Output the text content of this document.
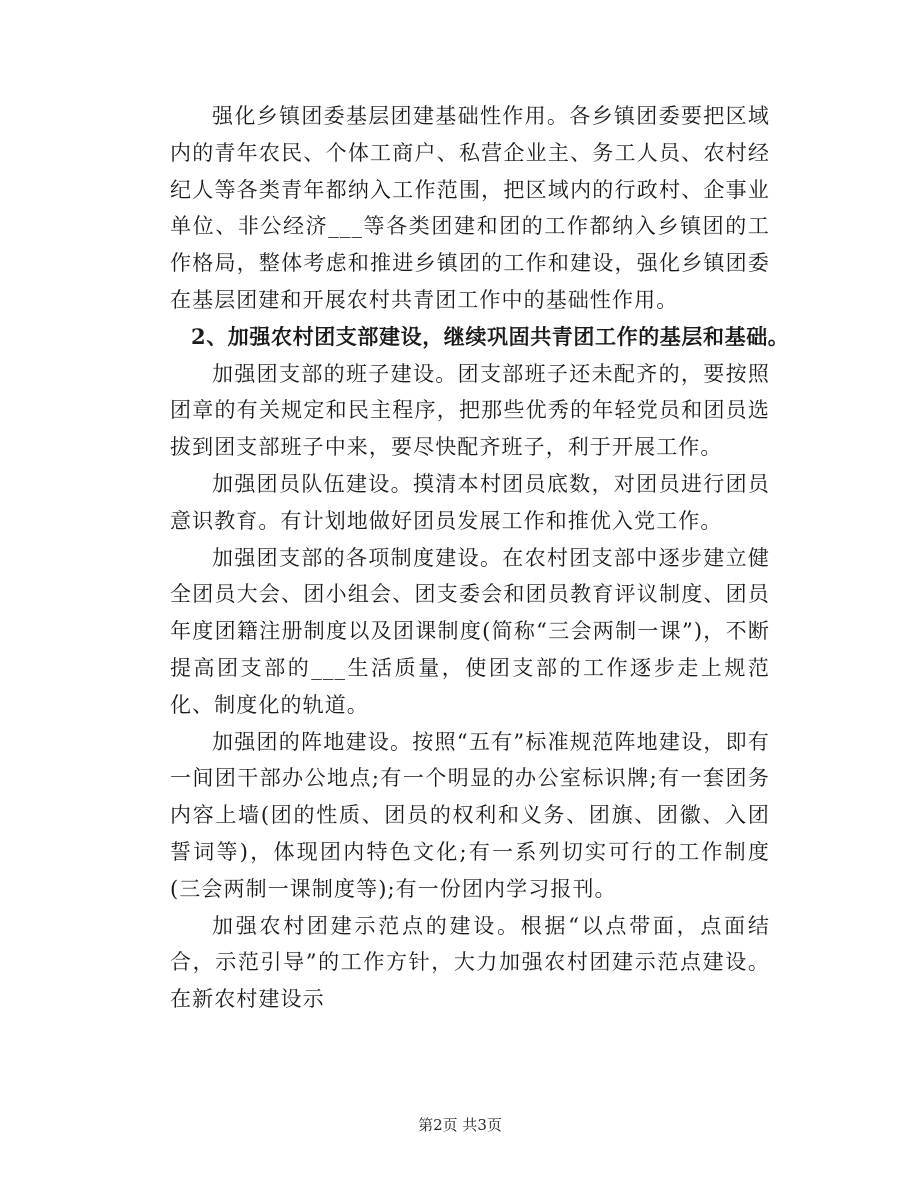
强化乡镇团委基层团建基础性作用。各乡镇团委要把区域内的青年农民、个体工商户、私营企业主、务工人员、农村经纪人等各类青年都纳入工作范围，把区域内的行政村、企事业单位、非公经济___等各类团建和团的工作都纳入乡镇团的工作格局，整体考虑和推进乡镇团的工作和建设，强化乡镇团委在基层团建和开展农村共青团工作中的基础性作用。

2、加强农村团支部建设，继续巩固共青团工作的基层和基础。

加强团支部的班子建设。团支部班子还未配齐的，要按照团章的有关规定和民主程序，把那些优秀的年轻党员和团员选拔到团支部班子中来，要尽快配齐班子，利于开展工作。

加强团员队伍建设。摸清本村团员底数，对团员进行团员意识教育。有计划地做好团员发展工作和推优入党工作。

加强团支部的各项制度建设。在农村团支部中逐步建立健全团员大会、团小组会、团支委会和团员教育评议制度、团员年度团籍注册制度以及团课制度(简称“三会两制一课”)，不断提高团支部的___生活质量，使团支部的工作逐步走上规范化、制度化的轨道。

加强团的阵地建设。按照“五有”标准规范阵地建设，即有一间团干部办公地点;有一个明显的办公室标识牌;有一套团务内容上墙(团的性质、团员的权利和义务、团旗、团徽、入团誓词等)，体现团内特色文化;有一系列切实可行的工作制度(三会两制一课制度等);有一份团内学习报刊。

加强农村团建示范点的建设。根据“以点带面，点面结合，示范引导”的工作方针，大力加强农村团建示范点建设。在新农村建设示

第2页 共3页
